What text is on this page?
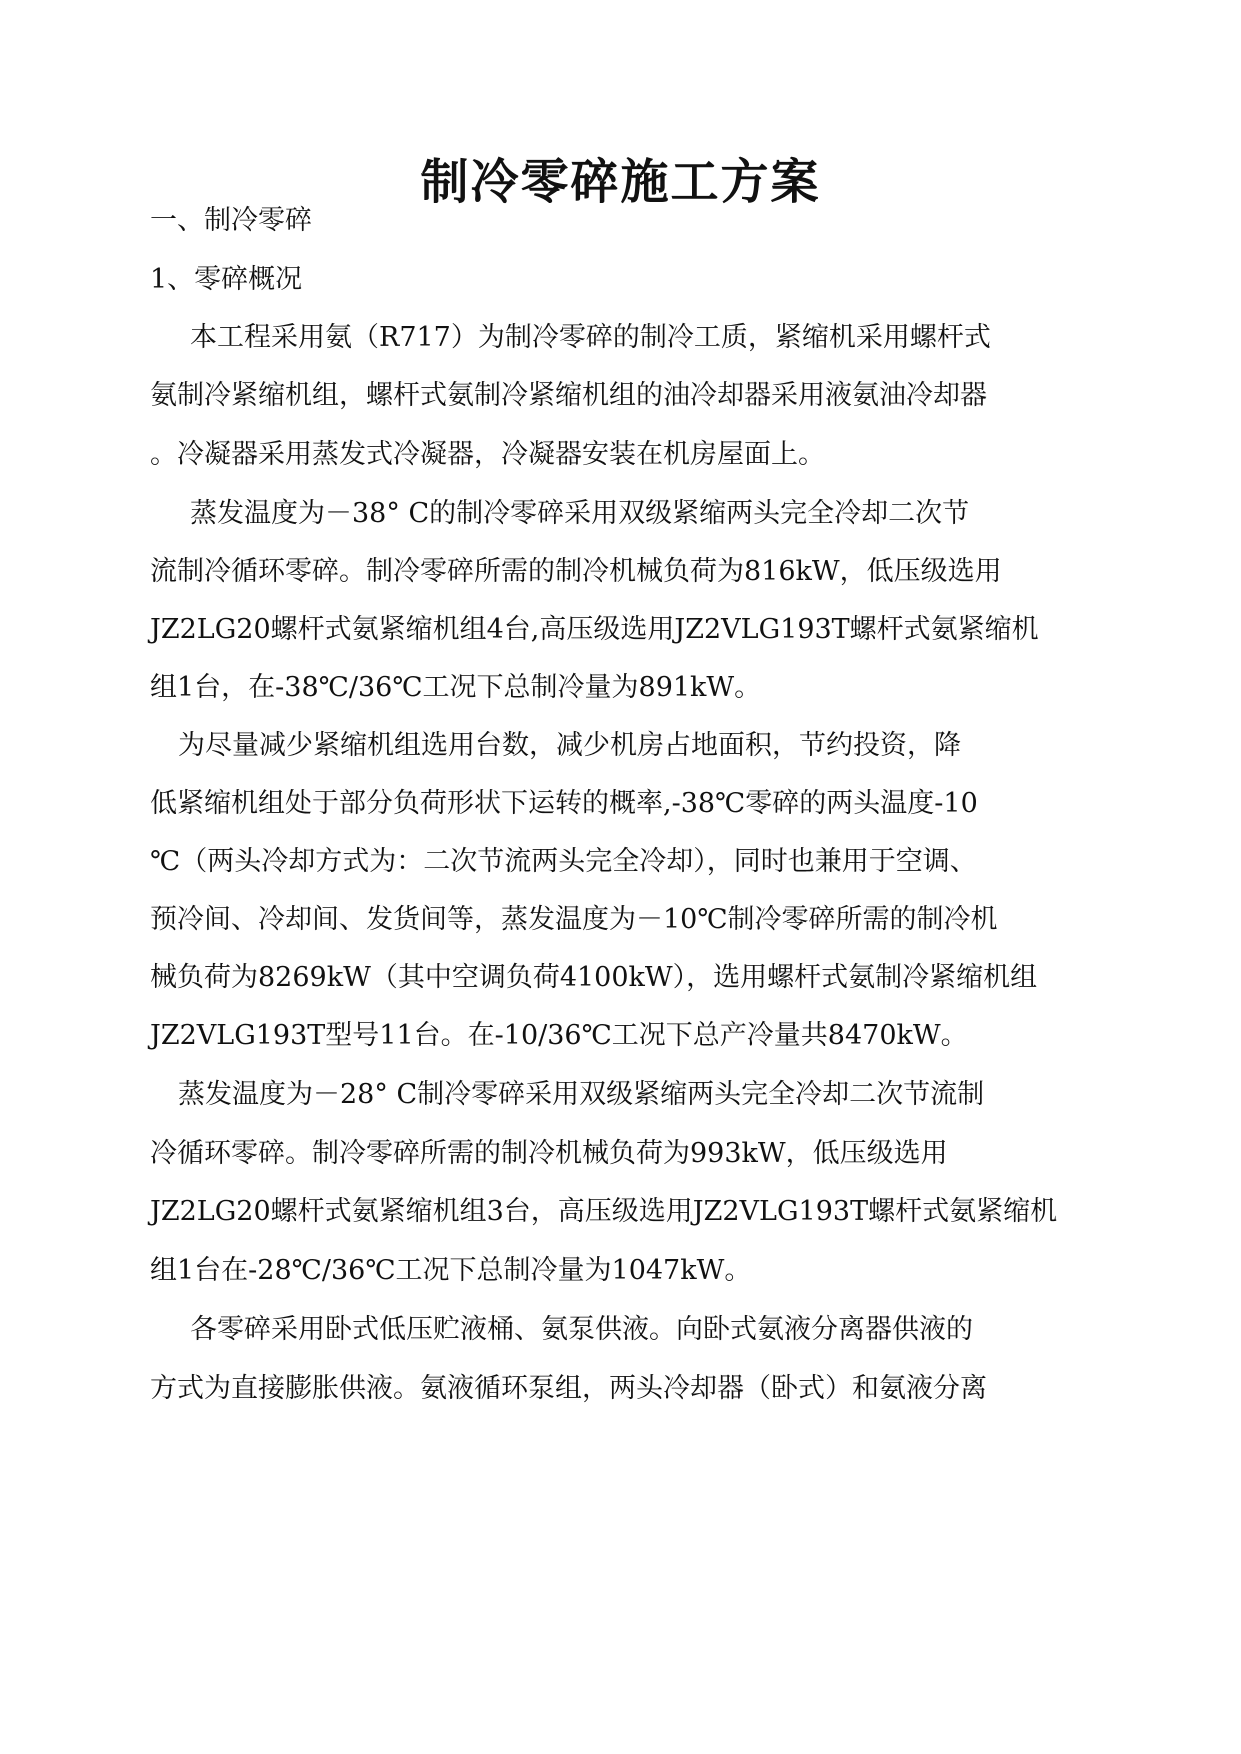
制冷零碎施工方案

一、制冷零碎

1、零碎概况

本工程采用氨（R717）为制冷零碎的制冷工质，紧缩机采用螺杆式

氨制冷紧缩机组，螺杆式氨制冷紧缩机组的油冷却器采用液氨油冷却器

。冷凝器采用蒸发式冷凝器，冷凝器安装在机房屋面上。

蒸发温度为－38° C的制冷零碎采用双级紧缩两头完全冷却二次节

流制冷循环零碎。制冷零碎所需的制冷机械负荷为816kW，低压级选用

JZ2LG20螺杆式氨紧缩机组4台,高压级选用JZ2VLG193T螺杆式氨紧缩机

组1台，在-38℃/36℃工况下总制冷量为891kW。

为尽量减少紧缩机组选用台数，减少机房占地面积，节约投资，降

低紧缩机组处于部分负荷形状下运转的概率,-38℃零碎的两头温度-10

℃（两头冷却方式为：二次节流两头完全冷却），同时也兼用于空调、

预冷间、冷却间、发货间等，蒸发温度为－10℃制冷零碎所需的制冷机

械负荷为8269kW（其中空调负荷4100kW），选用螺杆式氨制冷紧缩机组

JZ2VLG193T型号11台。在-10/36℃工况下总产冷量共8470kW。

蒸发温度为－28° C制冷零碎采用双级紧缩两头完全冷却二次节流制

冷循环零碎。制冷零碎所需的制冷机械负荷为993kW，低压级选用

JZ2LG20螺杆式氨紧缩机组3台，高压级选用JZ2VLG193T螺杆式氨紧缩机

组1台在-28℃/36℃工况下总制冷量为1047kW。

各零碎采用卧式低压贮液桶、氨泵供液。向卧式氨液分离器供液的

方式为直接膨胀供液。氨液循环泵组，两头冷却器（卧式）和氨液分离
